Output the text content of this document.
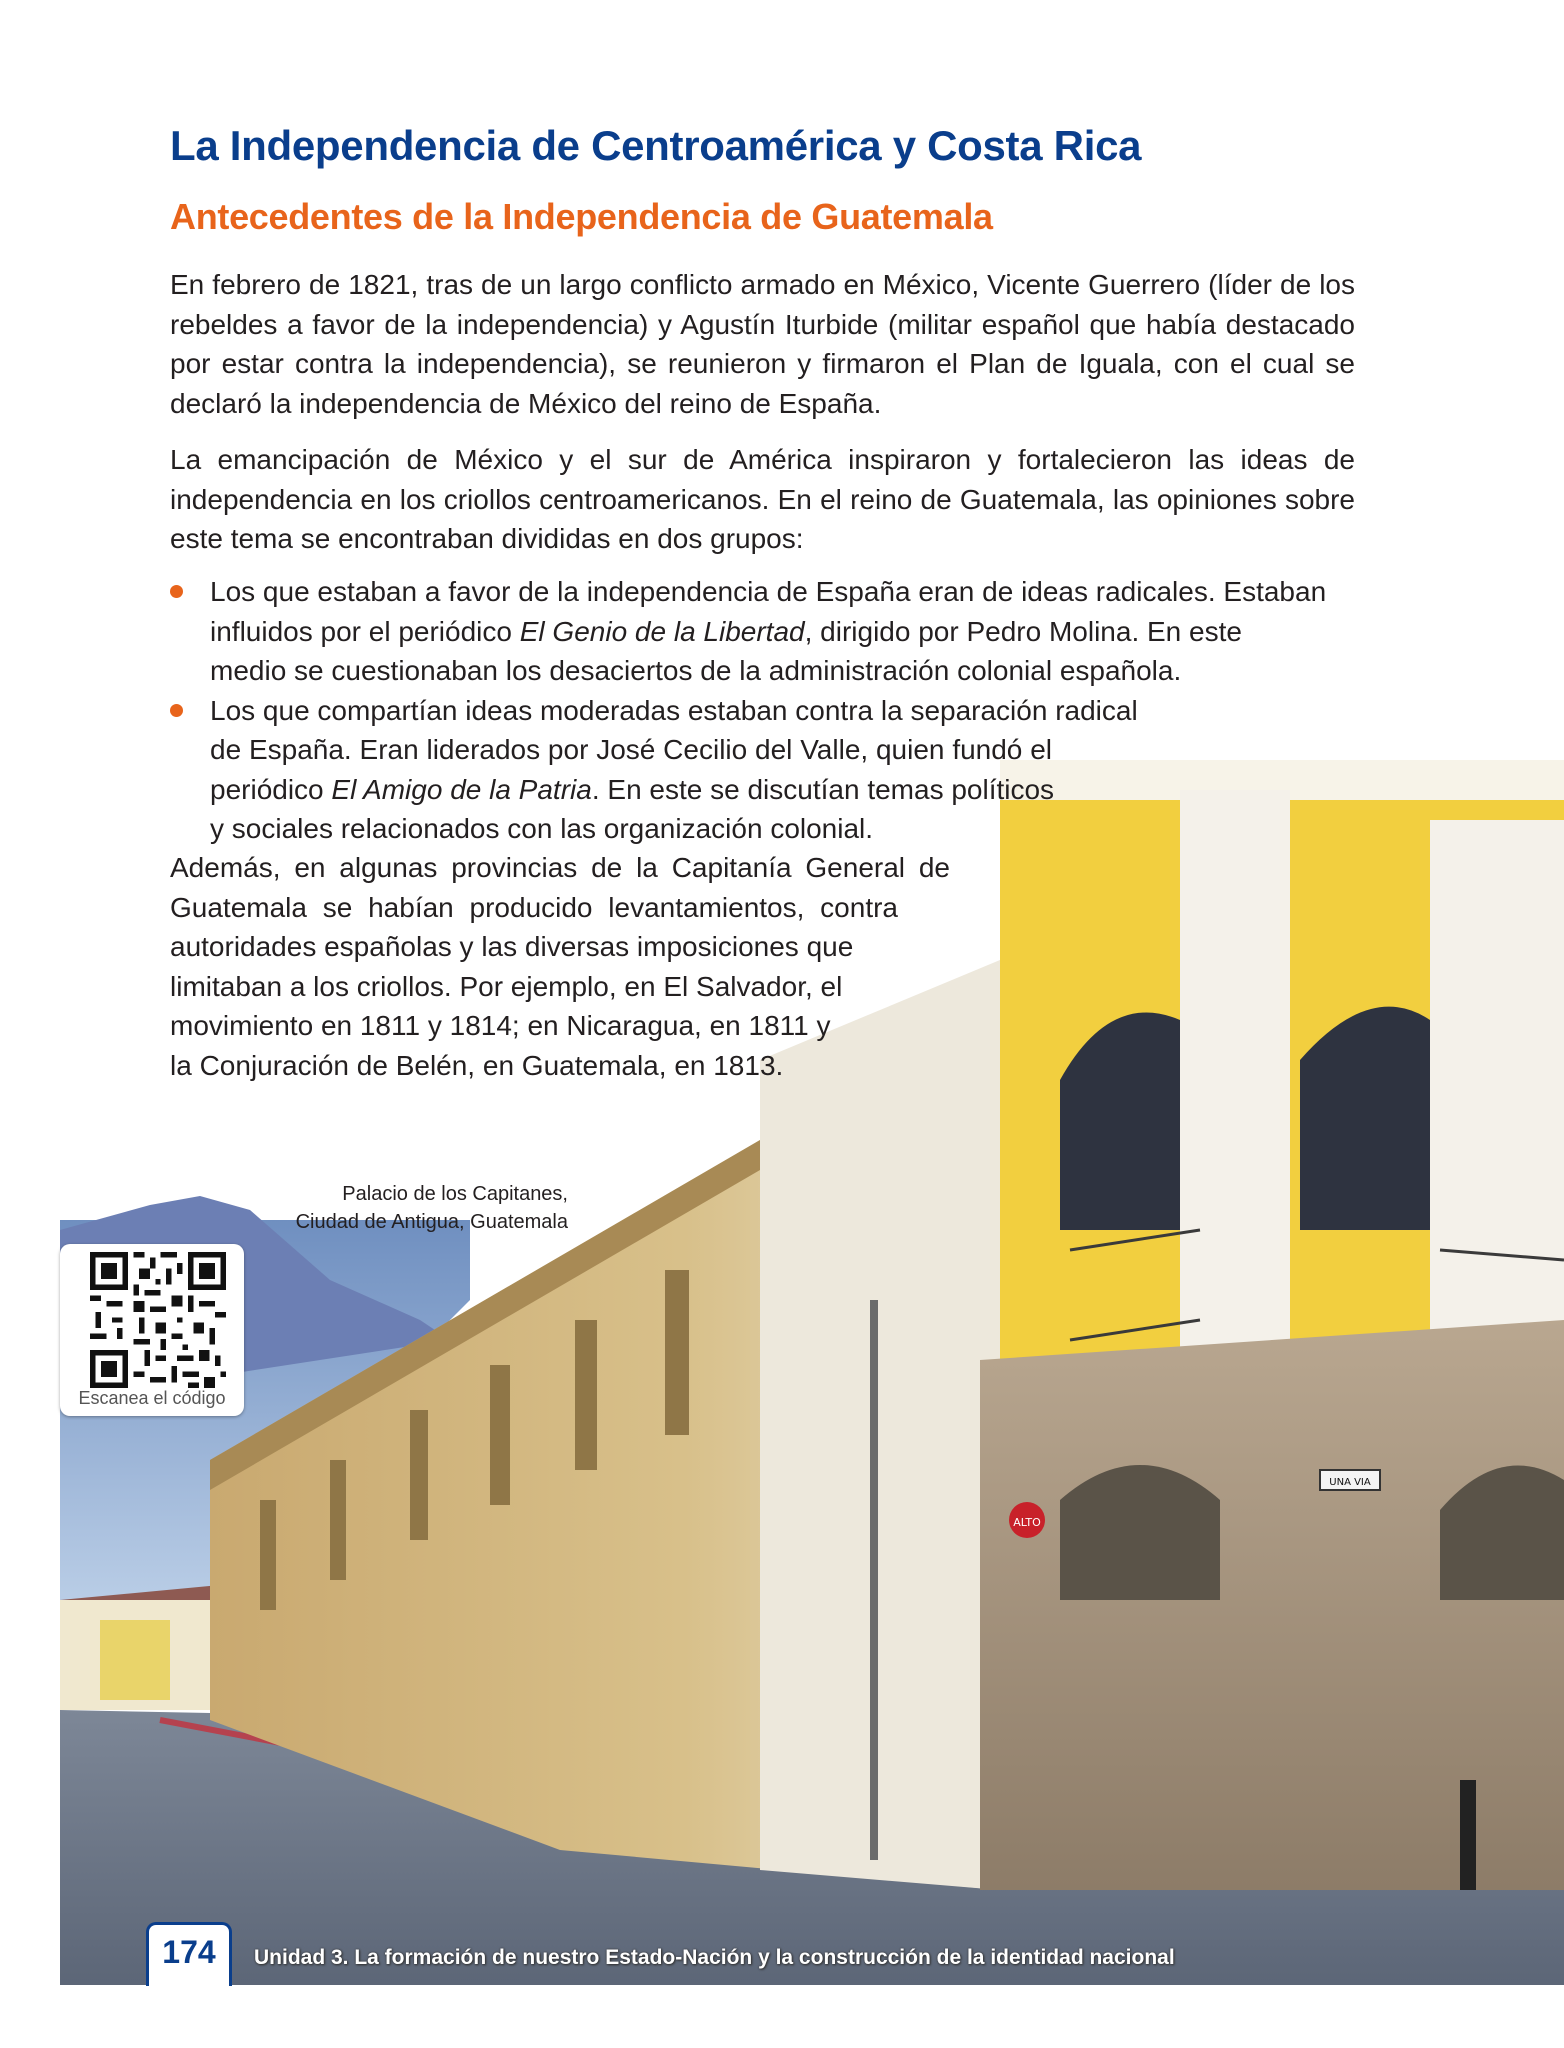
ALTO
UNA VIA
La Independencia de Centroamérica y Costa Rica
Antecedentes de la Independencia de Guatemala

En febrero de 1821, tras de un largo conflicto armado en México, Vicente Guerrero (líder de los rebeldes a favor de la independencia) y Agustín Iturbide (militar español que había destacado por estar contra la independencia), se reunieron y firmaron el Plan de Iguala, con el cual se declaró la independencia de México del reino de España.

La emancipación de México y el sur de América inspiraron y fortalecieron las ideas de independencia en los criollos centroamericanos. En el reino de Guatemala, las opiniones sobre este tema se encontraban divididas en dos grupos:

Los que estaban a favor de la independencia de España eran de ideas radicales. Estaban
influidos por el periódico El Genio de la Libertad, dirigido por Pedro Molina. En este
medio se cuestionaban los desaciertos de la administración colonial española.
Los que compartían ideas moderadas estaban contra la separación radical
de España. Eran liderados por José Cecilio del Valle, quien fundó el
periódico El Amigo de la Patria. En este se discutían temas políticos
y sociales relacionados con las organización colonial.
Además, en algunas provincias de la Capitanía General de
Guatemala se habían producido levantamientos, contra
autoridades españolas y las diversas imposiciones que
limitaban a los criollos. Por ejemplo, en El Salvador, el
movimiento en 1811 y 1814; en Nicaragua, en 1811 y
la Conjuración de Belén, en Guatemala, en 1813.
Palacio de los Capitanes,
Ciudad de Antigua, Guatemala
Escanea el código
174	Unidad 3. La formación de nuestro Estado-Nación y la construcción de la identidad nacional
